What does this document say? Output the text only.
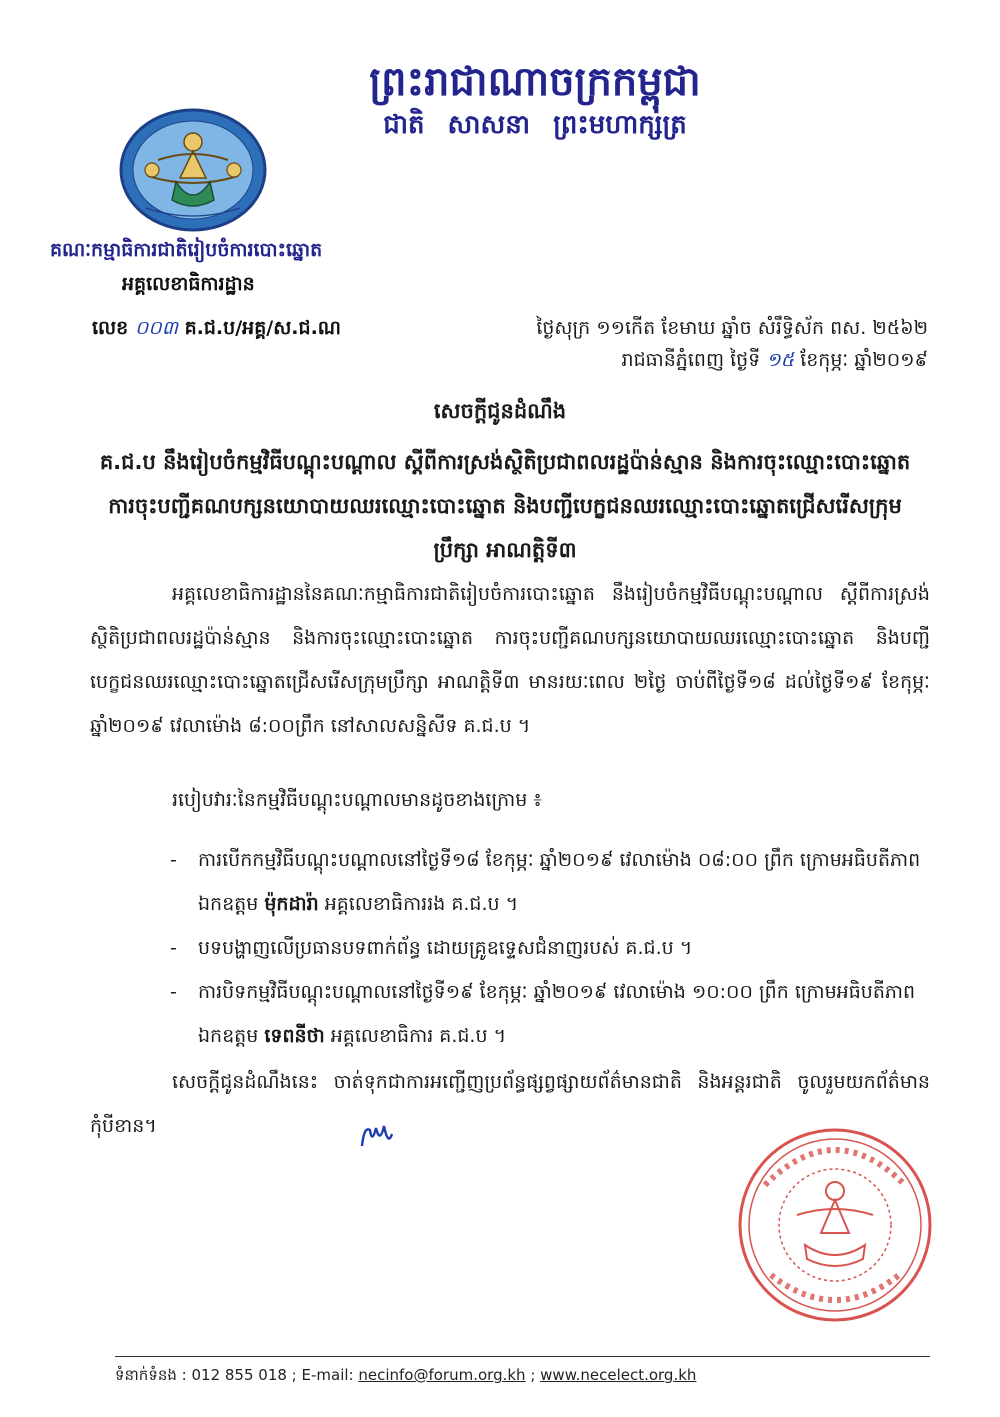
ព្រះរាជាណាចក្រកម្ពុជា
ជាតិ សាសនា ព្រះមហាក្សត្រ
គណៈកម្មាធិការជាតិរៀបចំការបោះឆ្នោត
អគ្គលេខាធិការដ្ឋាន
លេខ ០០៣ គ.ជ.ប/អគ្គ/ស.ជ.ណ	ថ្ងៃសុក្រ ១១កើត ខែមាឃ ឆ្នាំច សំរឹទ្ធិស័ក ពស. ២៥៦២
រាជធានីភ្នំពេញ ថ្ងៃទី ១៥ ខែកុម្ភៈ ឆ្នាំ២០១៩
សេចក្តីជូនដំណឹង
គ.ជ.ប នឹងរៀបចំកម្មវិធីបណ្តុះបណ្តាល ស្តីពីការស្រង់ស្ថិតិប្រជាពលរដ្ឋប៉ាន់ស្មាន និងការចុះឈ្មោះបោះឆ្នោត ការចុះបញ្ជីគណបក្សនយោបាយឈរឈ្មោះបោះឆ្នោត និងបញ្ជីបេក្ខជនឈរឈ្មោះបោះឆ្នោតជ្រើសរើសក្រុមប្រឹក្សា អាណត្តិទី៣
អគ្គលេខាធិការដ្ឋាននៃគណៈកម្មាធិការជាតិរៀបចំការបោះឆ្នោត នឹងរៀបចំកម្មវិធីបណ្តុះបណ្តាល ស្តីពីការស្រង់ស្ថិតិប្រជាពលរដ្ឋប៉ាន់ស្មាន និងការចុះឈ្មោះបោះឆ្នោត ការចុះបញ្ជីគណបក្សនយោបាយឈរឈ្មោះបោះឆ្នោត និងបញ្ជីបេក្ខជនឈរឈ្មោះបោះឆ្នោតជ្រើសរើសក្រុមប្រឹក្សា អាណត្តិទី៣ មានរយៈពេល ២ថ្ងៃ ចាប់ពីថ្ងៃទី១៨ ដល់ថ្ងៃទី១៩ ខែកុម្ភៈ ឆ្នាំ២០១៩ វេលាម៉ោង ៨:០០ព្រឹក នៅសាលសន្និសីទ គ.ជ.ប ។
របៀបវារៈនៃកម្មវិធីបណ្តុះបណ្តាលមានដូចខាងក្រោម ៖
- ការបើកកម្មវិធីបណ្តុះបណ្តាលនៅថ្ងៃទី១៨ ខែកុម្ភៈ ឆ្នាំ២០១៩ វេលាម៉ោង ០៨:០០ ព្រឹក ក្រោមអធិបតីភាពឯកឧត្តម ម៉ុកដារ៉ា អគ្គលេខាធិការរង គ.ជ.ប ។
- បទបង្ហាញលើប្រធានបទពាក់ព័ន្ធ ដោយគ្រូឧទ្ទេសជំនាញរបស់ គ.ជ.ប ។
- ការបិទកម្មវិធីបណ្តុះបណ្តាលនៅថ្ងៃទី១៩ ខែកុម្ភៈ ឆ្នាំ២០១៩ វេលាម៉ោង ១០:០០ ព្រឹក ក្រោមអធិបតីភាពឯកឧត្តម ទេពនីថា អគ្គលេខាធិការ គ.ជ.ប ។
សេចក្តីជូនដំណឹងនេះ ចាត់ទុកជាការអញ្ជើញប្រព័ន្ធផ្សព្វផ្សាយព័ត៌មានជាតិ និងអន្តរជាតិ ចូលរួមយកព័ត៌មានកុំបីខាន។
ទំនាក់ទំនង : 012 855 018 ; E-mail: necinfo@forum.org.kh ; www.necelect.org.kh
